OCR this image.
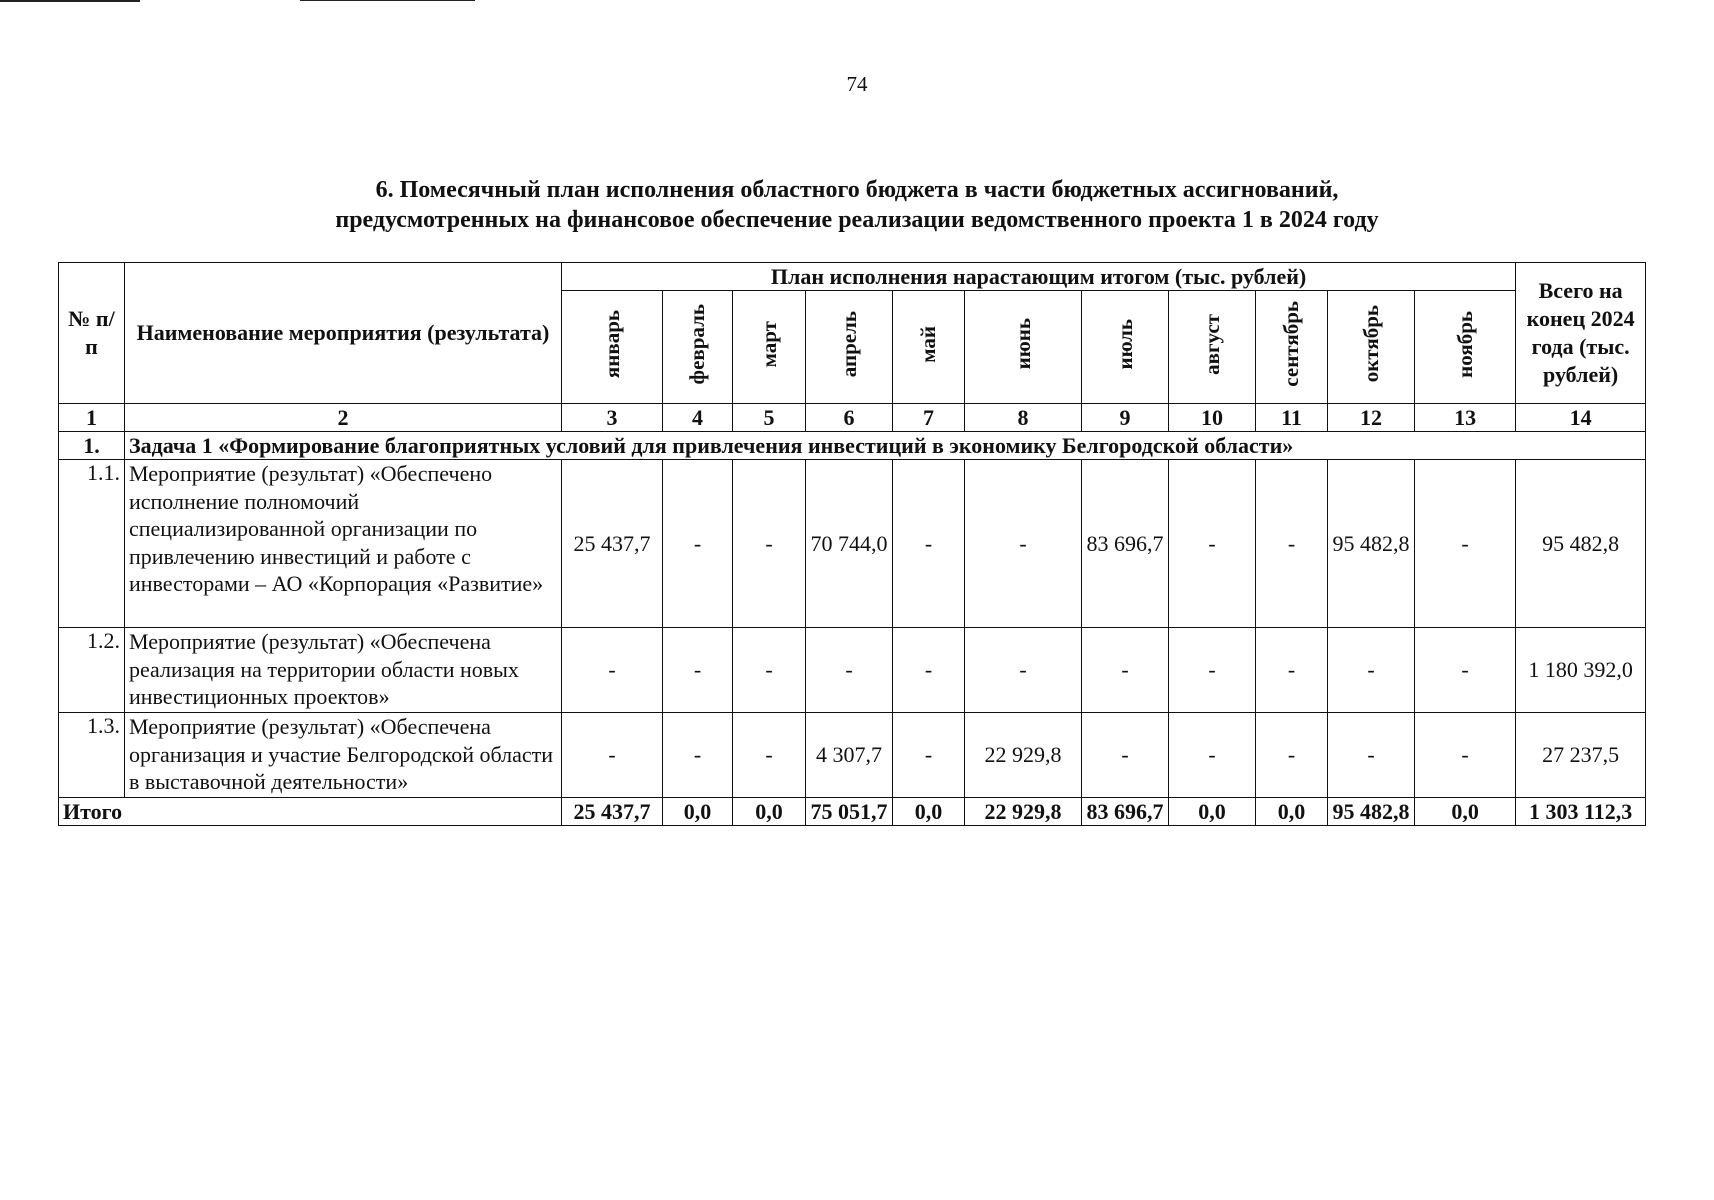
74
6. Помесячный план исполнения областного бюджета в части бюджетных ассигнований,
предусмотренных на финансовое обеспечение реализации ведомственного проекта 1 в 2024 году
№ п/п	Наименование мероприятия (результата)	План исполнения нарастающим итогом (тыс. рублей)											Всего на конец 2024 года (тыс. рублей)
		январь	февраль	март	апрель	май	июнь	июль	август	сентябрь	октябрь	ноябрь	
1	2	3	4	5	6	7	8	9	10	11	12	13	14
1.	Задача 1 «Формирование благоприятных условий для привлечения инвестиций в экономику Белгородской области»												
1.1.	Мероприятие (результат) «Обеспечено исполнение полномочий специализированной организации по привлечению инвестиций и работе с инвесторами – АО «Корпорация «Развитие»	25 437,7	-	-	70 744,0	-	-	83 696,7	-	-	95 482,8	-	95 482,8
1.2.	Мероприятие (результат) «Обеспечена реализация на территории области новых инвестиционных проектов»	-	-	-	-	-	-	-	-	-	-	-	1 180 392,0
1.3.	Мероприятие (результат) «Обеспечена организация и участие Белгородской области в выставочной деятельности»	-	-	-	4 307,7	-	22 929,8	-	-	-	-	-	27 237,5
Итого		25 437,7	0,0	0,0	75 051,7	0,0	22 929,8	83 696,7	0,0	0,0	95 482,8	0,0	1 303 112,3
